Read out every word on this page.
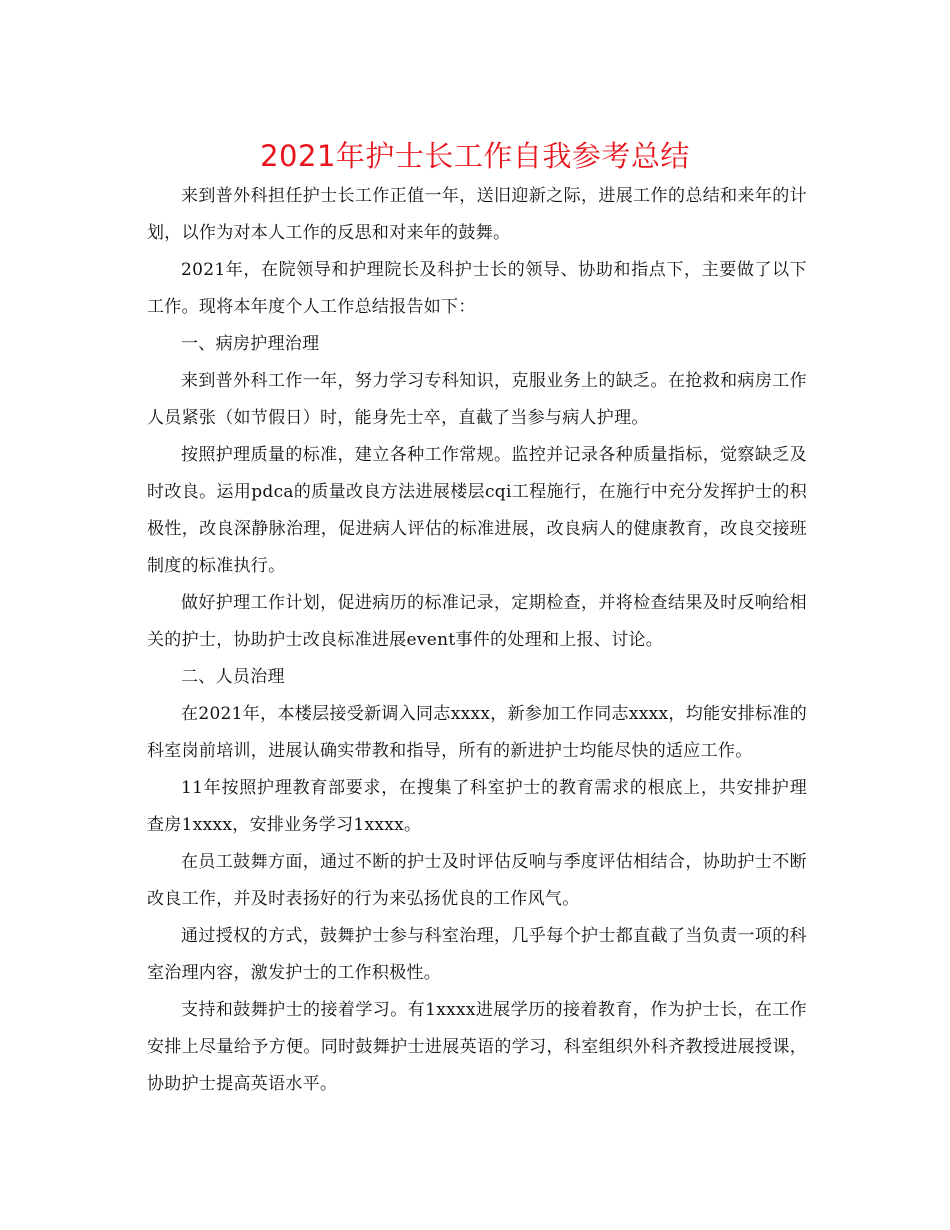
2021年护士长工作自我参考总结

来到普外科担任护士长工作正值一年，送旧迎新之际，进展工作的总结和来年的计划，以作为对本人工作的反思和对来年的鼓舞。

2021年，在院领导和护理院长及科护士长的领导、协助和指点下，主要做了以下工作。现将本年度个人工作总结报告如下：

一、病房护理治理

来到普外科工作一年，努力学习专科知识，克服业务上的缺乏。在抢救和病房工作人员紧张（如节假日）时，能身先士卒，直截了当参与病人护理。

按照护理质量的标准，建立各种工作常规。监控并记录各种质量指标，觉察缺乏及时改良。运用pdca的质量改良方法进展楼层cqi工程施行，在施行中充分发挥护士的积极性，改良深静脉治理，促进病人评估的标准进展，改良病人的健康教育，改良交接班制度的标准执行。

做好护理工作计划，促进病历的标准记录，定期检查，并将检查结果及时反响给相关的护士，协助护士改良标准进展event事件的处理和上报、讨论。

二、人员治理

在2021年，本楼层接受新调入同志xxxx，新参加工作同志xxxx，均能安排标准的科室岗前培训，进展认确实带教和指导，所有的新进护士均能尽快的适应工作。

11年按照护理教育部要求，在搜集了科室护士的教育需求的根底上，共安排护理查房1xxxx，安排业务学习1xxxx。

在员工鼓舞方面，通过不断的护士及时评估反响与季度评估相结合，协助护士不断改良工作，并及时表扬好的行为来弘扬优良的工作风气。

通过授权的方式，鼓舞护士参与科室治理，几乎每个护士都直截了当负责一项的科室治理内容，激发护士的工作积极性。

支持和鼓舞护士的接着学习。有1xxxx进展学历的接着教育，作为护士长，在工作安排上尽量给予方便。同时鼓舞护士进展英语的学习，科室组织外科齐教授进展授课，协助护士提高英语水平。
